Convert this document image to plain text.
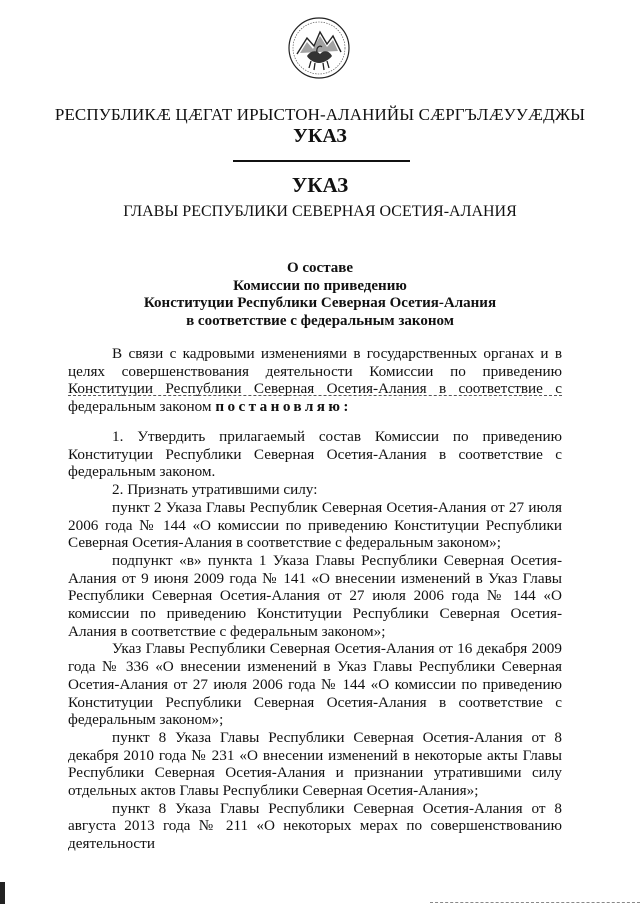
РЕСПУБЛИКӔ ЦӔГАТ ИРЫСТОН-АЛАНИЙЫ СӔРГЪЛӔУУӔДЖЫ
УКАЗ
УКАЗ
ГЛАВЫ РЕСПУБЛИКИ СЕВЕРНАЯ ОСЕТИЯ-АЛАНИЯ
О составе
Комиссии по приведению
Конституции Республики Северная Осетия-Алания
в соответствие с федеральным законом

В связи с кадровыми изменениями в государственных органах и в целях совершенствования деятельности Комиссии по приведению Конституции Республики Северная Осетия-Алания в соответствие с федеральным законом постановляю:

1. Утвердить прилагаемый состав Комиссии по приведению Конституции Республики Северная Осетия-Алания в соответствие с федеральным законом.

2. Признать утратившими силу:

пункт 2 Указа Главы Республик Северная Осетия-Алания от 27 июля 2006 года № 144 «О комиссии по приведению Конституции Республики Северная Осетия-Алания в соответствие с федеральным законом»;

подпункт «в» пункта 1 Указа Главы Республики Северная Осетия-Алания от 9 июня 2009 года № 141 «О внесении изменений в Указ Главы Республики Северная Осетия-Алания от 27 июля 2006 года № 144 «О комиссии по приведению Конституции Республики Северная Осетия-Алания в соответствие с федеральным законом»;

Указ Главы Республики Северная Осетия-Алания от 16 декабря 2009 года № 336 «О внесении изменений в Указ Главы Республики Северная Осетия-Алания от 27 июля 2006 года № 144 «О комиссии по приведению Конституции Республики Северная Осетия-Алания в соответствие с федеральным законом»;

пункт 8 Указа Главы Республики Северная Осетия-Алания от 8 декабря 2010 года № 231 «О внесении изменений в некоторые акты Главы Республики Северная Осетия-Алания и признании утратившими силу отдельных актов Главы Республики Северная Осетия-Алания»;

пункт 8 Указа Главы Республики Северная Осетия-Алания от 8 августа 2013 года № 211 «О некоторых мерах по совершенствованию деятельности
